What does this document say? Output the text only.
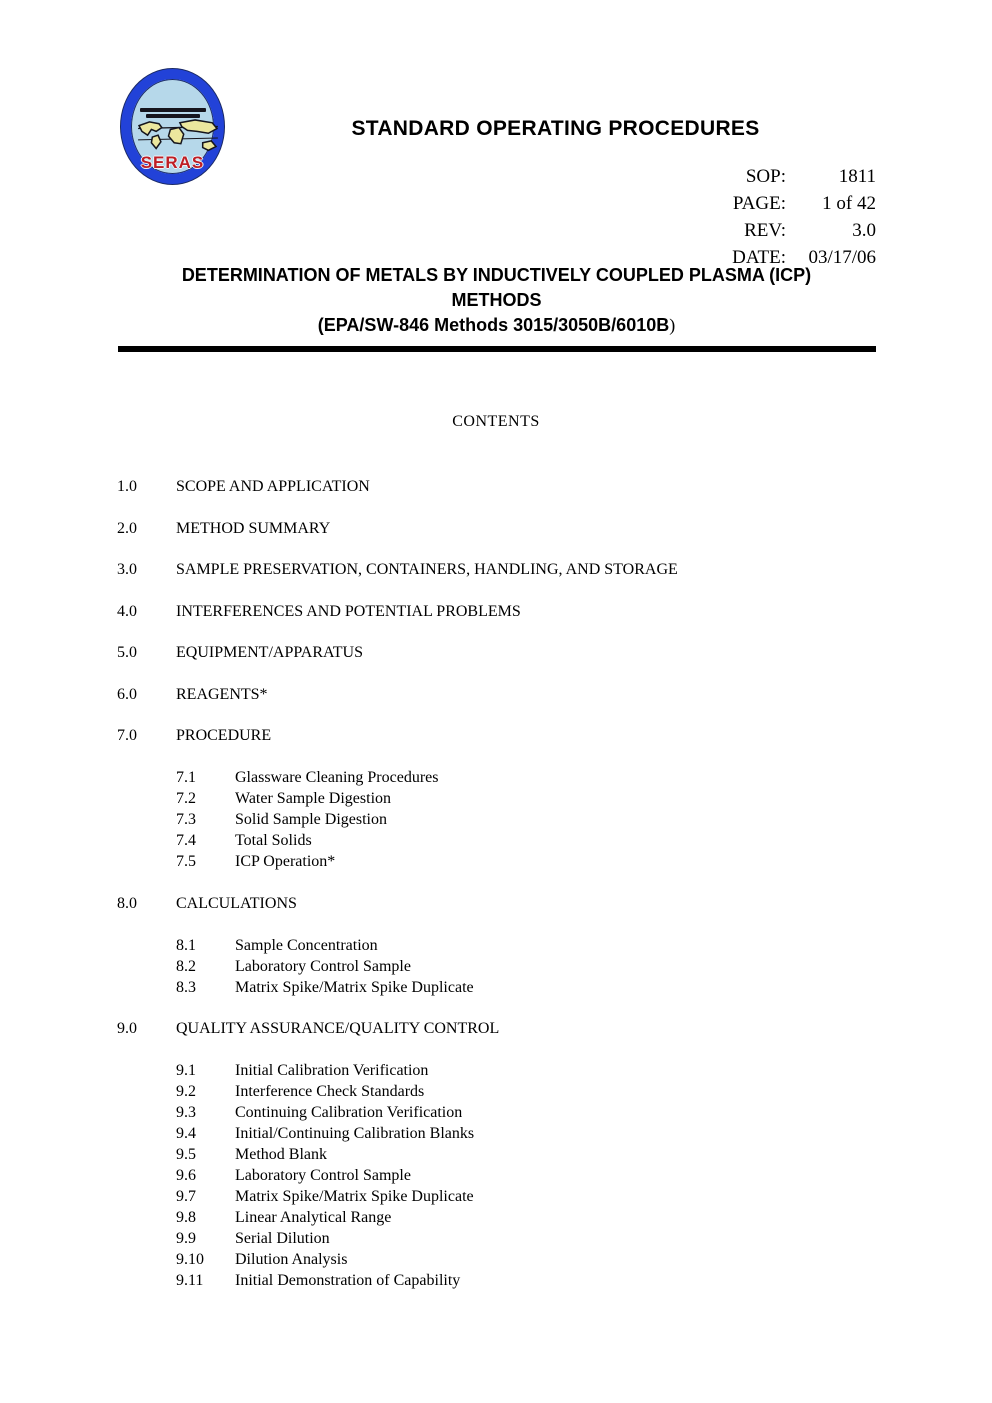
SERAS
STANDARD OPERATING PROCEDURES
SOP:	1811
PAGE:	1 of 42
REV:	3.0
DATE:	03/17/06
DETERMINATION OF METALS BY INDUCTIVELY COUPLED PLASMA (ICP)
METHODS
(EPA/SW-846 Methods 3015/3050B/6010B)
CONTENTS
1.0 SCOPE AND APPLICATION
2.0 METHOD SUMMARY
3.0 SAMPLE PRESERVATION, CONTAINERS, HANDLING, AND STORAGE
4.0 INTERFERENCES AND POTENTIAL PROBLEMS
5.0 EQUIPMENT/APPARATUS
6.0 REAGENTS*
7.0 PROCEDURE
7.1 Glassware Cleaning Procedures
7.2 Water Sample Digestion
7.3 Solid Sample Digestion
7.4 Total Solids
7.5 ICP Operation*
8.0 CALCULATIONS
8.1 Sample Concentration
8.2 Laboratory Control Sample
8.3 Matrix Spike/Matrix Spike Duplicate
9.0 QUALITY ASSURANCE/QUALITY CONTROL
9.1 Initial Calibration Verification
9.2 Interference Check Standards
9.3 Continuing Calibration Verification
9.4 Initial/Continuing Calibration Blanks
9.5 Method Blank
9.6 Laboratory Control Sample
9.7 Matrix Spike/Matrix Spike Duplicate
9.8 Linear Analytical Range
9.9 Serial Dilution
9.10 Dilution Analysis
9.11 Initial Demonstration of Capability
